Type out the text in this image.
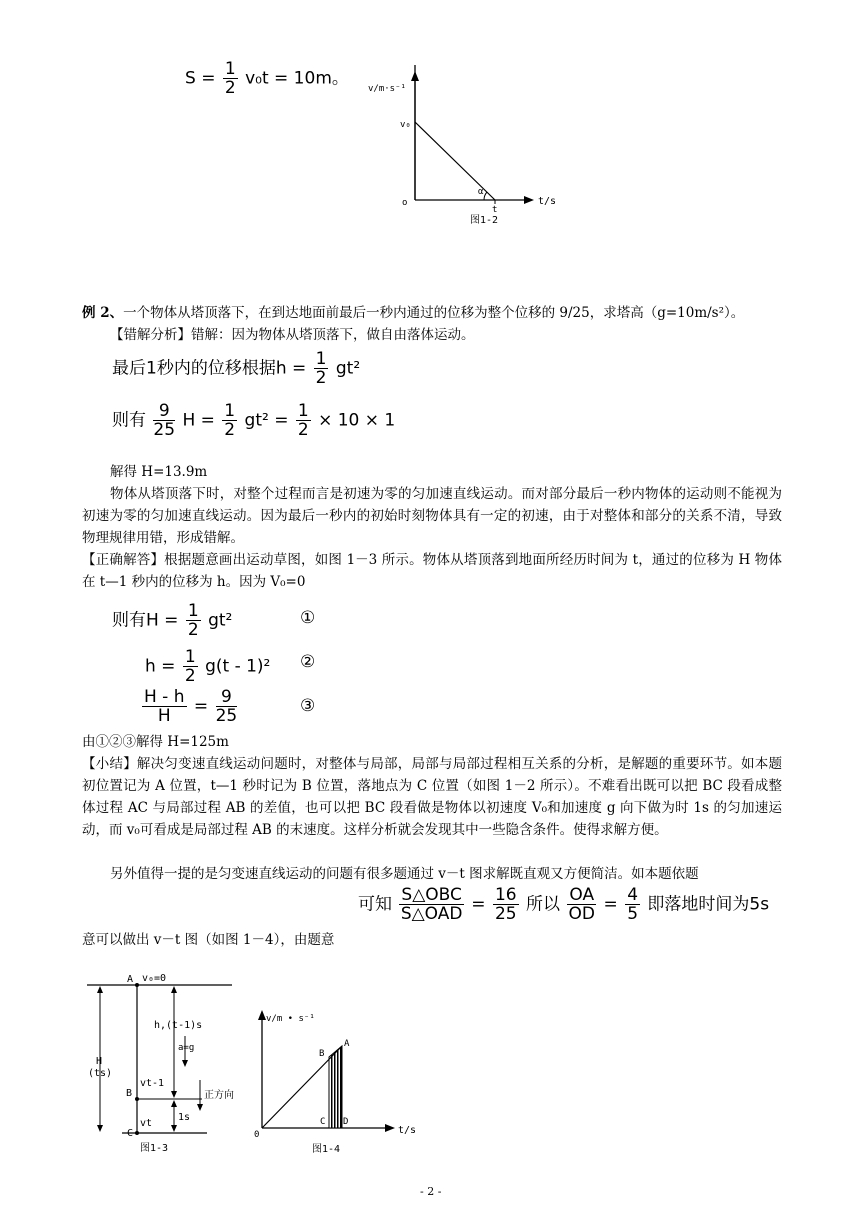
$S = \frac{1}{2} v_0t = 10m$。
v/m·s⁻¹
v₀
o	t/s
α
t
图1-2
例 2、一个物体从塔顶落下，在到达地面前最后一秒内通过的位移为整个位移的 9/25，求塔高（g=10m/s²）。
【错解分析】错解：因为物体从塔顶落下，做自由落体运动。
最后1秒内的位移根据$h = \frac{1}{2} gt^2$
则有 $\frac{9}{25}$ $H = \frac{1}{2} gt^2 = \frac{1}{2} \times 10 \times 1$
解得 H=13.9m
物体从塔顶落下时，对整个过程而言是初速为零的匀加速直线运动。而对部分最后一秒内物体的运动则不能视为初速为零的匀加速直线运动。因为最后一秒内的初始时刻物体具有一定的初速，由于对整体和部分的关系不清，导致物理规律用错，形成错解。
【正确解答】根据题意画出运动草图，如图 1－3 所示。物体从塔顶落到地面所经历时间为 t，通过的位移为 H 物体在 t—1 秒内的位移为 h。因为 V₀=0
则有$H = \frac{1}{2} gt^2$	①
$h = \frac{1}{2} g(t - 1)^2$ ②
$\frac{H - h}{H} = \frac{9}{25}$	③
由①②③解得 H=125m
【小结】解决匀变速直线运动问题时，对整体与局部，局部与局部过程相互关系的分析，是解题的重要环节。如本题初位置记为 A 位置，t—1 秒时记为 B 位置，落地点为 C 位置（如图 1－2 所示）。不难看出既可以把 BC 段看成整体过程 AC 与局部过程 AB 的差值，也可以把 BC 段看做是物体以初速度 V₀和加速度 g 向下做为时 1s 的匀加速运动，而 v₀可看成是局部过程 AB 的末速度。这样分析就会发现其中一些隐含条件。使得求解方便。
另外值得一提的是匀变速直线运动的问题有很多题通过 v－t 图求解既直观又方便简洁。如本题依题
可知 $\frac{\text{S△OBC}}{\text{S△OAD}} = \frac{16}{25}$ 所以 $\frac{OA}{OD} = \frac{4}{5}$ 即落地时间为5s
意可以做出 v－t 图（如图 1－4），由题意
A v₀=0
h,(t-1)s
a=g
H
(ts)
B
vt-1
正方向
1s
C
vt
图1-3
v/m • s⁻¹
A
B
C D
0	t/s
图1-4
- 2 -
